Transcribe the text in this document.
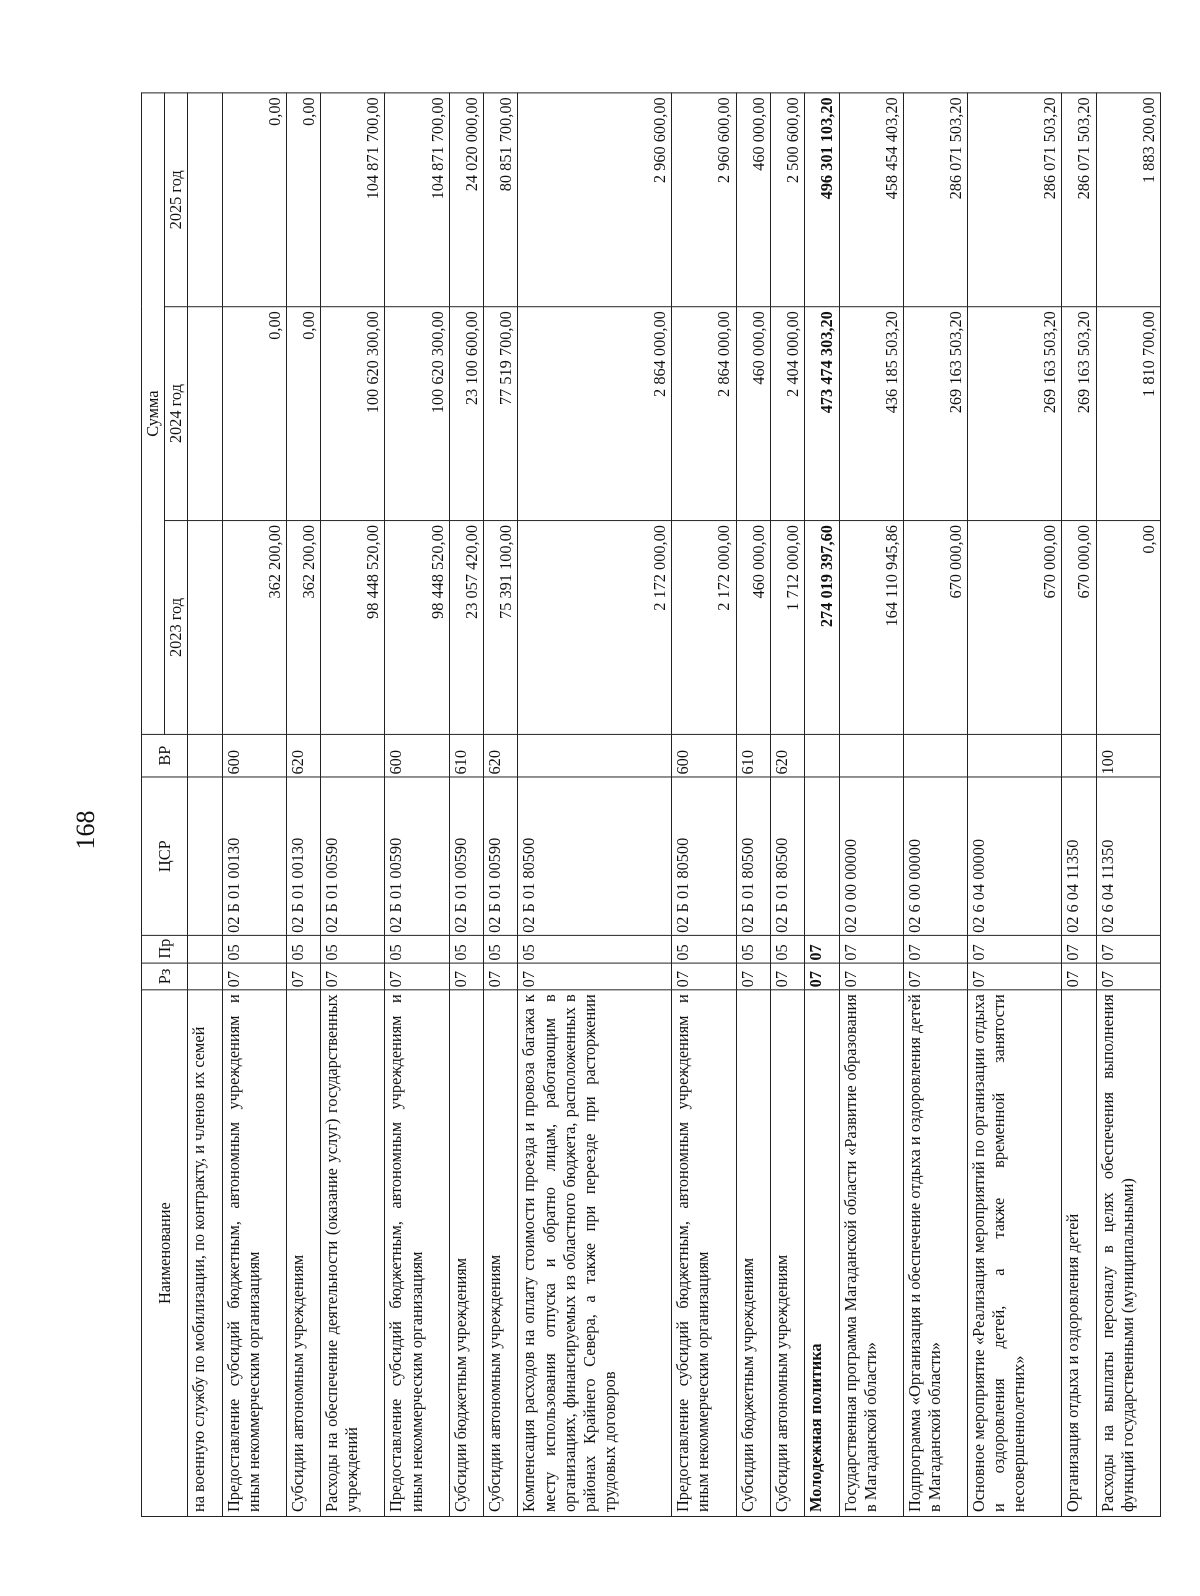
168
Наименование	Рз	Пр	ЦСР	ВР	Сумма		
					2023 год	2024 год	2025 год
на военную службу по мобилизации, по контракту, и членов их семей							
Предоставление субсидий бюджетным, автономным учреждениям и иным некоммерческим организациям	07	05	02 Б 01 00130	600	362 200,00	0,00	0,00
Субсидии автономным учреждениям	07	05	02 Б 01 00130	620	362 200,00	0,00	0,00
Расходы на обеспечение деятельности (оказание услуг) государственных учреждений	07	05	02 Б 01 00590		98 448 520,00	100 620 300,00	104 871 700,00
Предоставление субсидий бюджетным, автономным учреждениям и иным некоммерческим организациям	07	05	02 Б 01 00590	600	98 448 520,00	100 620 300,00	104 871 700,00
Субсидии бюджетным учреждениям	07	05	02 Б 01 00590	610	23 057 420,00	23 100 600,00	24 020 000,00
Субсидии автономным учреждениям	07	05	02 Б 01 00590	620	75 391 100,00	77 519 700,00	80 851 700,00
Компенсация расходов на оплату стоимости проезда и провоза багажа к месту использования отпуска и обратно лицам, работающим в организациях, финансируемых из областного бюджета, расположенных в районах Крайнего Севера, а также при переезде при расторжении трудовых договоров	07	05	02 Б 01 80500		2 172 000,00	2 864 000,00	2 960 600,00
Предоставление субсидий бюджетным, автономным учреждениям и иным некоммерческим организациям	07	05	02 Б 01 80500	600	2 172 000,00	2 864 000,00	2 960 600,00
Субсидии бюджетным учреждениям	07	05	02 Б 01 80500	610	460 000,00	460 000,00	460 000,00
Субсидии автономным учреждениям	07	05	02 Б 01 80500	620	1 712 000,00	2 404 000,00	2 500 600,00
Молодежная политика	07	07			274 019 397,60	473 474 303,20	496 301 103,20
Государственная программа Магаданской области «Развитие образования в Магаданской области»	07	07	02 0 00 00000		164 110 945,86	436 185 503,20	458 454 403,20
Подпрограмма «Организация и обеспечение отдыха и оздоровления детей в Магаданской области»	07	07	02 6 00 00000		670 000,00	269 163 503,20	286 071 503,20
Основное мероприятие «Реализация мероприятий по организации отдыха и оздоровления детей, а также временной занятости несовершеннолетних»	07	07	02 6 04 00000		670 000,00	269 163 503,20	286 071 503,20
Организация отдыха и оздоровления детей	07	07	02 6 04 11350		670 000,00	269 163 503,20	286 071 503,20
Расходы на выплаты персоналу в целях обеспечения выполнения функций государственными (муниципальными)	07	07	02 6 04 11350	100	0,00	1 810 700,00	1 883 200,00
